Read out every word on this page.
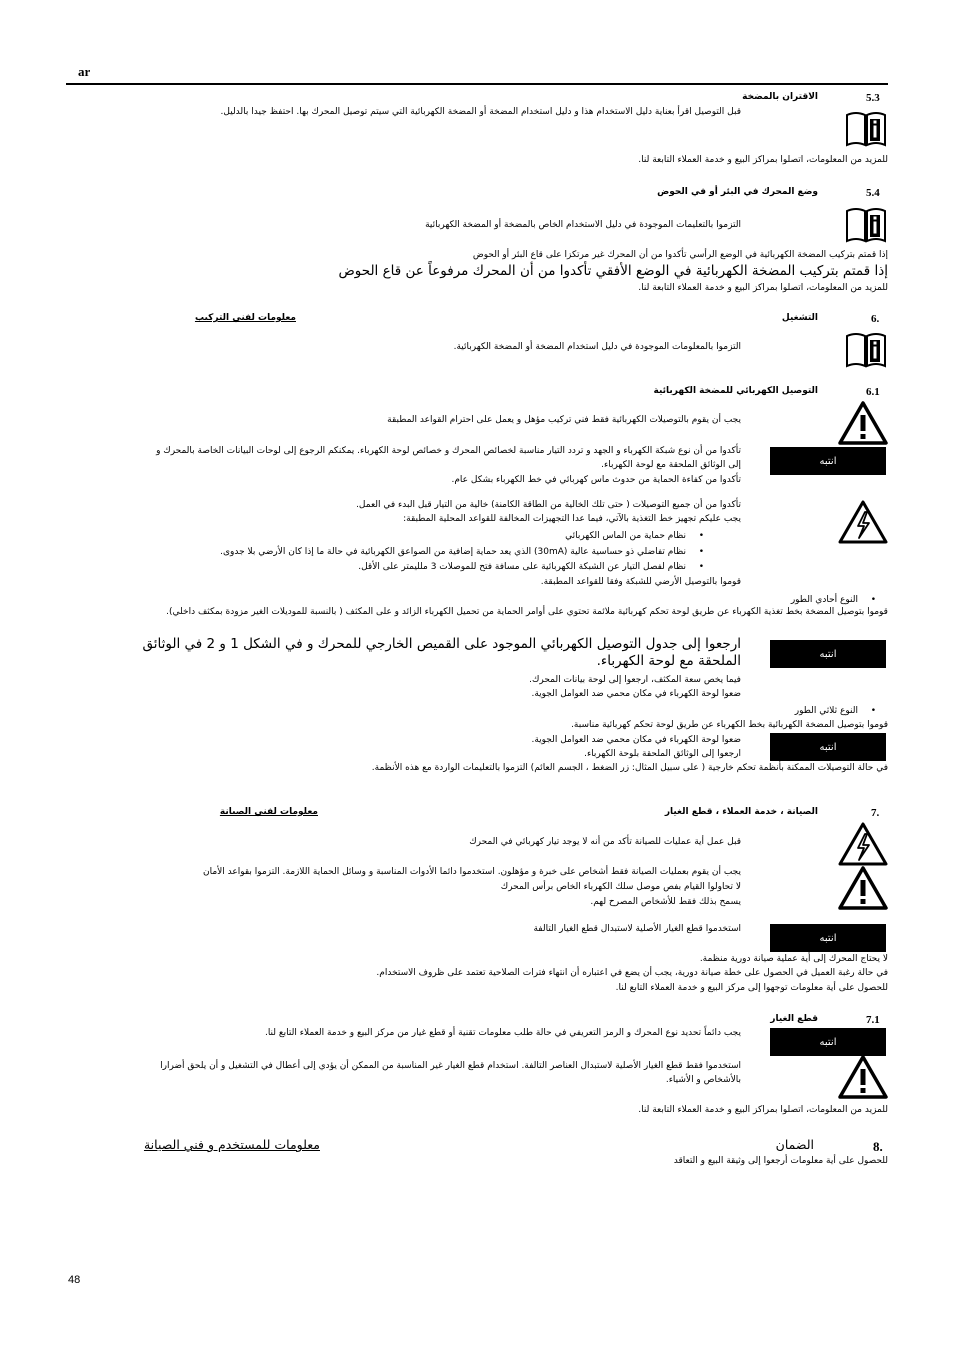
ar
5.3
الاقتران بالمضخة
قبل التوصيل اقرأ بعناية دليل الاستخدام هذا و دليل استخدام المضخة أو المضخة الكهربائية التي سيتم توصيل المحرك بها. احتفظ جيدا بالدليل.
للمزيد من المعلومات، اتصلوا بمراكز البيع و خدمة العملاء التابعة لنا.
5.4
وضع المحرك في البئر أو في الحوض
التزموا بالتعليمات الموجودة في دليل الاستخدام الخاص بالمضخة أو المضخة الكهربائية
إذا قمتم بتركيب المضخة الكهربائية في الوضع الرأسي تأكدوا من أن المحرك غير مرتكزا على قاع البئر أو الحوض
إذا قمتم بتركيب المضخة الكهربائية في الوضع الأفقي تأكدوا من أن المحرك مرفوعاً عن قاع الحوض
للمزيد من المعلومات، اتصلوا بمراكز البيع و خدمة العملاء التابعة لنا.
6.
التشغيل
معلومات لفني التركيب
التزموا بالمعلومات الموجودة في دليل استخدام المضخة أو المضخة الكهربائية.
6.1
التوصيل الكهربائي للمضخة الكهربائية
يجب أن يقوم بالتوصيلات الكهربائية فقط فني تركيب مؤهل و يعمل على احترام القواعد المطبقة
تأكدوا من أن نوع شبكة الكهرباء و الجهد و تردد التيار مناسبة لخصائص المحرك و خصائص لوحة الكهرباء. يمكنكم الرجوع إلى لوحات البيانات الخاصة بالمحرك و
إلى الوثائق الملحقة مع لوحة الكهرباء.
تأكدوا من كفاءة الحماية من حدوث ماس كهربائي في خط الكهرباء بشكل عام.
انتبه
تأكدوا من أن جميع التوصيلات ( حتى تلك الخالية من الطاقة الكامنة) خالية من التيار قبل البدء في العمل.
يجب عليكم تجهيز خط التغذية بالآتي، فيما عدا التجهيزات المخالفة للقواعد المحلية المطبقة:
• نظام حماية من الماس الكهربائي
• نظام تفاضلي ذو حساسية عالية (30mA) الذي يعد حماية إضافية من الصواعق الكهربائية في حالة ما إذا كان الأرضي بلا جدوى.
• نظام لفصل التيار عن الشبكة الكهربائية على مسافة فتح للموصلات 3 ملليمتر على الأقل.
قوموا بالتوصيل الأرضي للشبكة وفقا للقواعد المطبقة.
• النوع أحادي الطور
قوموا بتوصيل المضخة بخط تغذية الكهرباء عن طريق لوحة تحكم كهربائية ملائمة تحتوي على أوامر الحماية من تحميل الكهرباء الزائد و على المكثف ( بالنسبة للموديلات الغير مزودة بمكثف داخلي).
انتبه
ارجعوا إلى جدول التوصيل الكهربائي الموجود على القميص الخارجي للمحرك و في الشكل 1 و 2 في الوثائق الملحقة مع لوحة الكهرباء.
فيما يخص سعة المكثف، ارجعوا إلى لوحة بيانات المحرك.
ضعوا لوحة الكهرباء في مكان محمي ضد العوامل الجوية.
• النوع ثلاثي الطور
قوموا بتوصيل المضخة الكهربائية بخط الكهرباء عن طريق لوحة تحكم كهربائية مناسبة.
ضعوا لوحة الكهرباء في مكان محمي ضد العوامل الجوية.
ارجعوا إلى الوثائق الملحقة بلوحة الكهرباء.
انتبه
في حالة التوصيلات الممكنة بأنظمة تحكم خارجية ( على سبيل المثال: زر الضغط ، الجسم العائم) التزموا بالتعليمات الواردة مع هذه الأنظمة.
7.
الصيانة ، خدمة العملاء ، قطع الغيار
معلومات لفني الصيانة
قبل عمل أية عمليات للصيانة تأكد من أنه لا يوجد تيار كهربائي في المحرك
يجب أن يقوم بعمليات الصيانة فقط أشخاص على خبرة و مؤهلون. استخدموا دائما الأدوات المناسبة و وسائل الحماية اللازمة. التزموا بقواعد الأمان
لا تحاولوا القيام بفص موصل سلك الكهرباء الخاص برأس المحرك
يسمح بذلك فقط للأشخاص المصرح لهم.
استخدموا قطع الغيار الأصلية لاستبدال قطع الغيار التالفة
انتبه
لا يحتاج المحرك إلى أية عملية صيانة دورية منظمة.
في حالة رغبة العميل في الحصول على خطة صيانة دورية، يجب أن يضع في اعتباره أن انتهاء فترات الصلاحية تعتمد على ظروف الاستخدام.
للحصول على أية معلومات توجهوا إلى مركز البيع و خدمة العملاء التابع لنا.
7.1
قطع الغيار
انتبه
يجب دائماً تحديد نوع المحرك و الرمز التعريفي في حالة طلب معلومات تقنية أو قطع غيار من مركز البيع و خدمة العملاء التابع لنا.
استخدموا فقط قطع الغيار الأصلية لاستبدال العناصر التالفة. استخدام قطع الغيار غير المناسبة من الممكن أن يؤدي إلى أعطال في التشغيل و أن يلحق أضرارا
بالأشخاص و الأشياء.
للمزيد من المعلومات، اتصلوا بمراكز البيع و خدمة العملاء التابعة لنا.
8.
الضمان
معلومات للمستخدم و فني الصيانة
للحصول على أية معلومات أرجعوا إلى وثيقة البيع و التعاقد
48
